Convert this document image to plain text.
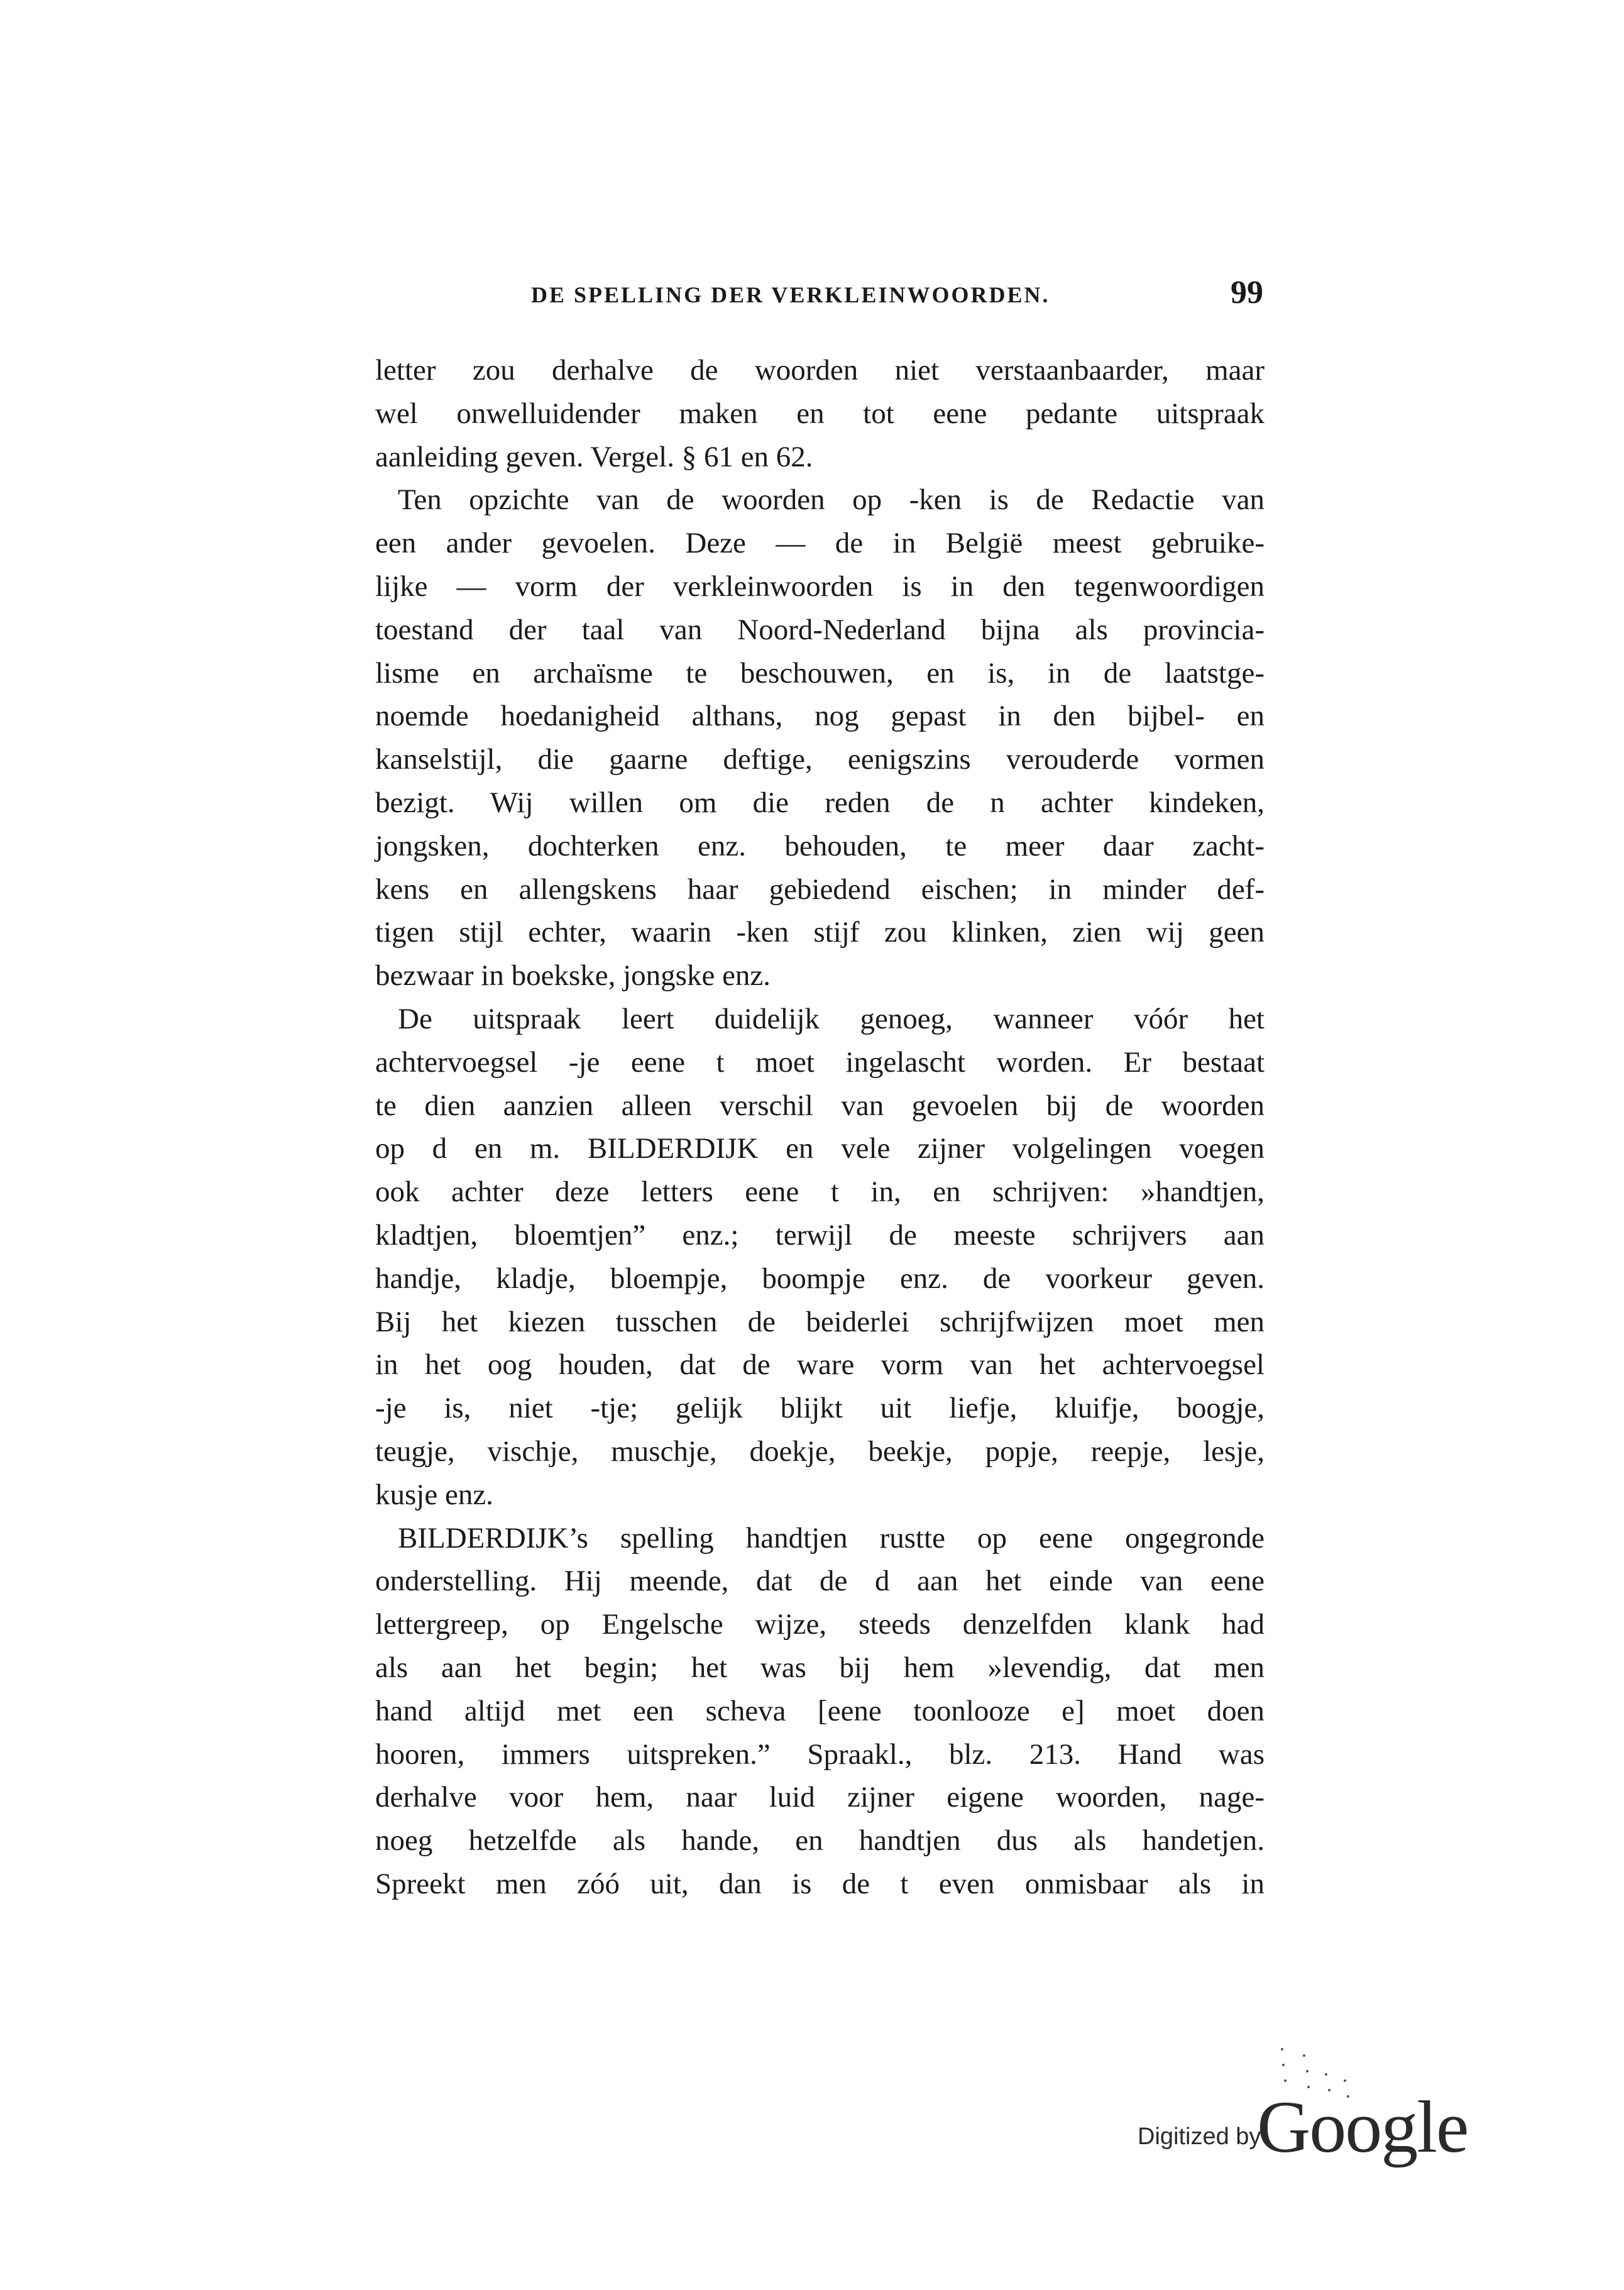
DE SPELLING DER VERKLEINWOORDEN.	99
letter zou derhalve de woorden niet verstaanbaarder, maar
wel onwelluidender maken en tot eene pedante uitspraak
aanleiding geven. Vergel. § 61 en 62.
Ten opzichte van de woorden op -ken is de Redactie van
een ander gevoelen. Deze — de in België meest gebruike-
lijke — vorm der verkleinwoorden is in den tegenwoordigen
toestand der taal van Noord-Nederland bijna als provincia-
lisme en archaïsme te beschouwen, en is, in de laatstge-
noemde hoedanigheid althans, nog gepast in den bijbel- en
kanselstijl, die gaarne deftige, eenigszins verouderde vormen
bezigt. Wij willen om die reden de n achter kindeken,
jongsken, dochterken enz. behouden, te meer daar zacht-
kens en allengskens haar gebiedend eischen; in minder def-
tigen stijl echter, waarin -ken stijf zou klinken, zien wij geen
bezwaar in boekske, jongske enz.
De uitspraak leert duidelijk genoeg, wanneer vóór het
achtervoegsel -je eene t moet ingelascht worden. Er bestaat
te dien aanzien alleen verschil van gevoelen bij de woorden
op d en m. BILDERDIJK en vele zijner volgelingen voegen
ook achter deze letters eene t in, en schrijven: »handtjen,
kladtjen, bloemtjen” enz.; terwijl de meeste schrijvers aan
handje, kladje, bloempje, boompje enz. de voorkeur geven.
Bij het kiezen tusschen de beiderlei schrijfwijzen moet men
in het oog houden, dat de ware vorm van het achtervoegsel
-je is, niet -tje; gelijk blijkt uit liefje, kluifje, boogje,
teugje, vischje, muschje, doekje, beekje, popje, reepje, lesje,
kusje enz.
BILDERDIJK’s spelling handtjen rustte op eene ongegronde
onderstelling. Hij meende, dat de d aan het einde van eene
lettergreep, op Engelsche wijze, steeds denzelfden klank had
als aan het begin; het was bij hem »levendig, dat men
hand altijd met een scheva [eene toonlooze e] moet doen
hooren, immers uitspreken.” Spraakl., blz. 213. Hand was
derhalve voor hem, naar luid zijner eigene woorden, nage-
noeg hetzelfde als hande, en handtjen dus als handetjen.
Spreekt men zóó uit, dan is de t even onmisbaar als in
Digitized by
Google
